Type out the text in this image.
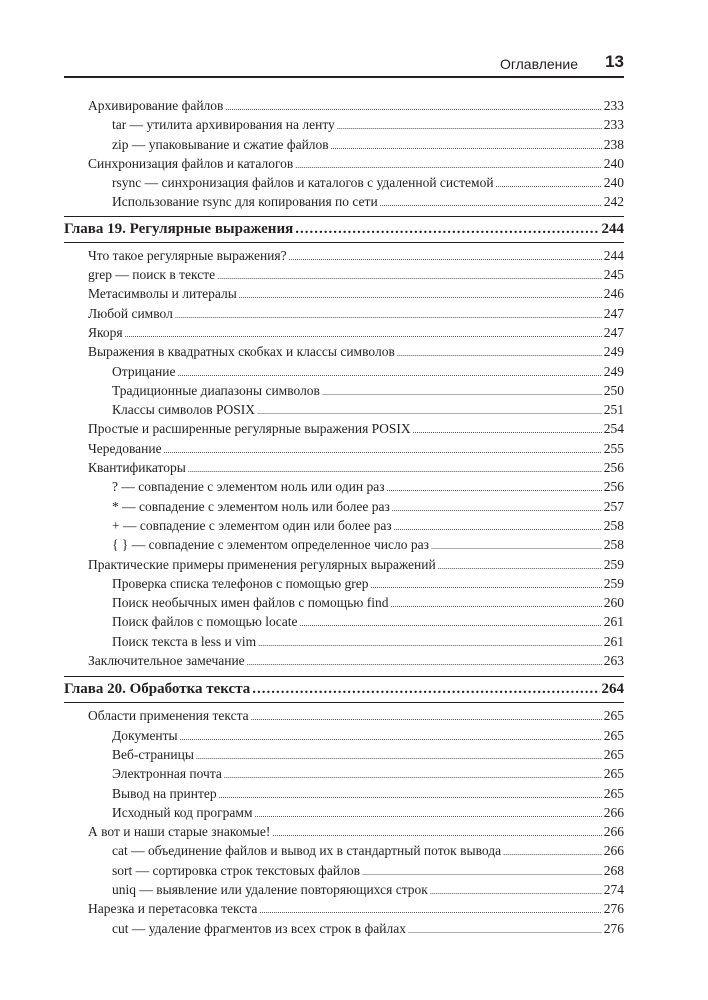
Оглавление 13
Архивирование файлов .....	233
tar — утилита архивирования на ленту .....	233
zip — упаковывание и сжатие файлов .....	238
Синхронизация файлов и каталогов .....	240
rsync — синхронизация файлов и каталогов с удаленной системой .....	240
Использование rsync для копирования по сети .....	242
Глава 19. Регулярные выражения .....	244
Что такое регулярные выражения? .....	244
grep — поиск в тексте .....	245
Метасимволы и литералы .....	246
Любой символ .....	247
Якоря .....	247
Выражения в квадратных скобках и классы символов .....	249
Отрицание .....	249
Традиционные диапазоны символов .....	250
Классы символов POSIX .....	251
Простые и расширенные регулярные выражения POSIX .....	254
Чередование .....	255
Квантификаторы .....	256
? — совпадение с элементом ноль или один раз .....	256
* — совпадение с элементом ноль или более раз .....	257
+ — совпадение с элементом один или более раз .....	258
{ } — совпадение с элементом определенное число раз .....	258
Практические примеры применения регулярных выражений .....	259
Проверка списка телефонов с помощью grep .....	259
Поиск необычных имен файлов с помощью find .....	260
Поиск файлов с помощью locate .....	261
Поиск текста в less и vim .....	261
Заключительное замечание .....	263
Глава 20. Обработка текста .....	264
Области применения текста .....	265
Документы .....	265
Веб-страницы .....	265
Электронная почта .....	265
Вывод на принтер .....	265
Исходный код программ .....	266
А вот и наши старые знакомые! .....	266
cat — объединение файлов и вывод их в стандартный поток вывода .....	266
sort — сортировка строк текстовых файлов .....	268
uniq — выявление или удаление повторяющихся строк .....	274
Нарезка и перетасовка текста .....	276
cut — удаление фрагментов из всех строк в файлах .....	276
